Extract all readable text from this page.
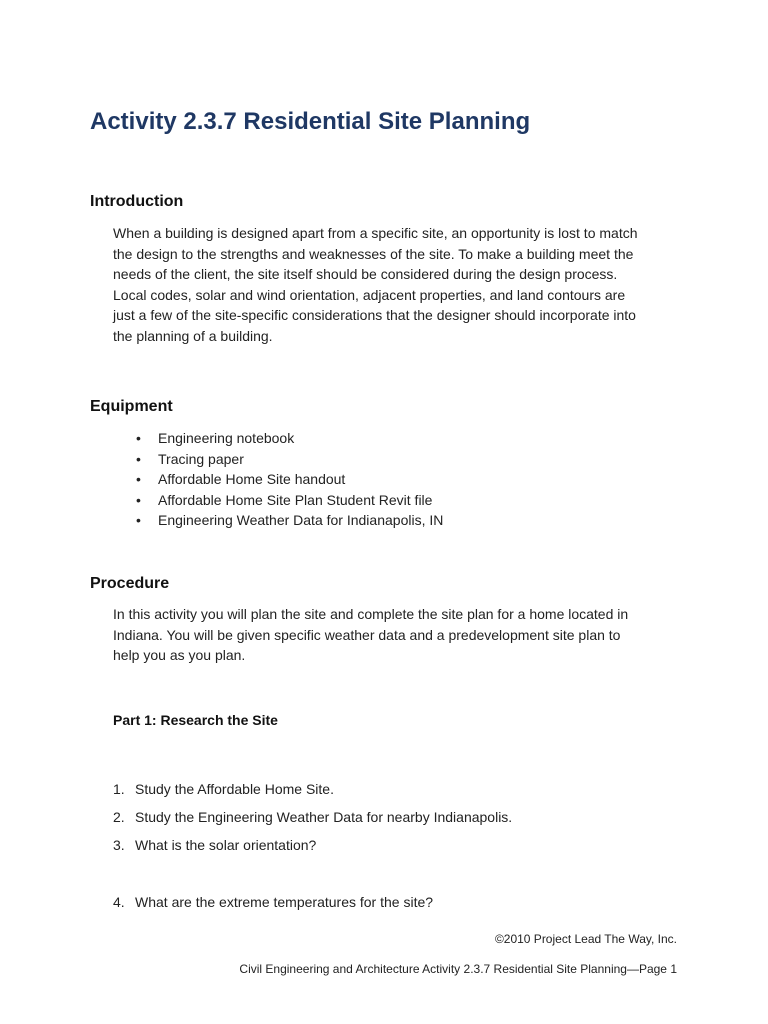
Activity 2.3.7 Residential Site Planning
Introduction
When a building is designed apart from a specific site, an opportunity is lost to match
the design to the strengths and weaknesses of the site. To make a building meet the
needs of the client, the site itself should be considered during the design process.
Local codes, solar and wind orientation, adjacent properties, and land contours are
just a few of the site-specific considerations that the designer should incorporate into
the planning of a building.
Equipment
• Engineering notebook
• Tracing paper
• Affordable Home Site handout
• Affordable Home Site Plan Student Revit file
• Engineering Weather Data for Indianapolis, IN
Procedure
In this activity you will plan the site and complete the site plan for a home located in
Indiana. You will be given specific weather data and a predevelopment site plan to
help you as you plan.
Part 1: Research the Site
1. Study the Affordable Home Site.
2. Study the Engineering Weather Data for nearby Indianapolis.
3. What is the solar orientation?
4. What are the extreme temperatures for the site?
©2010 Project Lead The Way, Inc.
Civil Engineering and Architecture Activity 2.3.7 Residential Site Planning—Page 1
